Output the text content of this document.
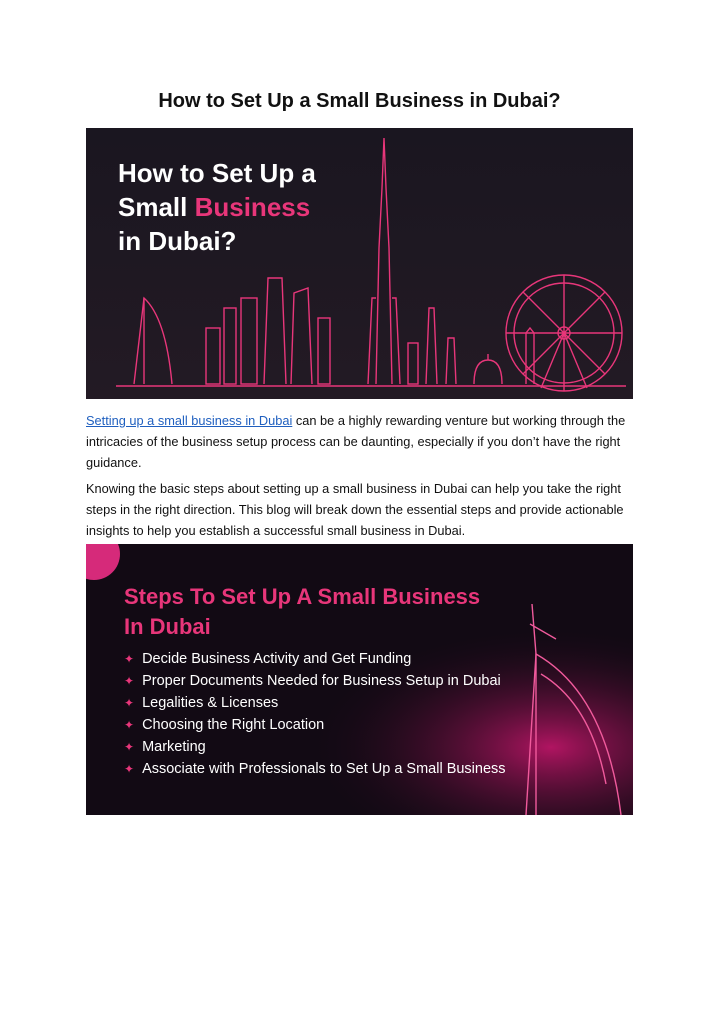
How to Set Up a Small Business in Dubai?
How to Set Up a
Small Business
in Dubai?
Setting up a small business in Dubai can be a highly rewarding venture but working through the intricacies of the business setup process can be daunting, especially if you don’t have the right guidance.
Knowing the basic steps about setting up a small business in Dubai can help you take the right steps in the right direction. This blog will break down the essential steps and provide actionable insights to help you establish a successful small business in Dubai.
Steps To Set Up A Small Business
In Dubai
✦ Decide Business Activity and Get Funding
✦ Proper Documents Needed for Business Setup in Dubai
✦ Legalities & Licenses
✦ Choosing the Right Location
✦ Marketing
✦ Associate with Professionals to Set Up a Small Business
